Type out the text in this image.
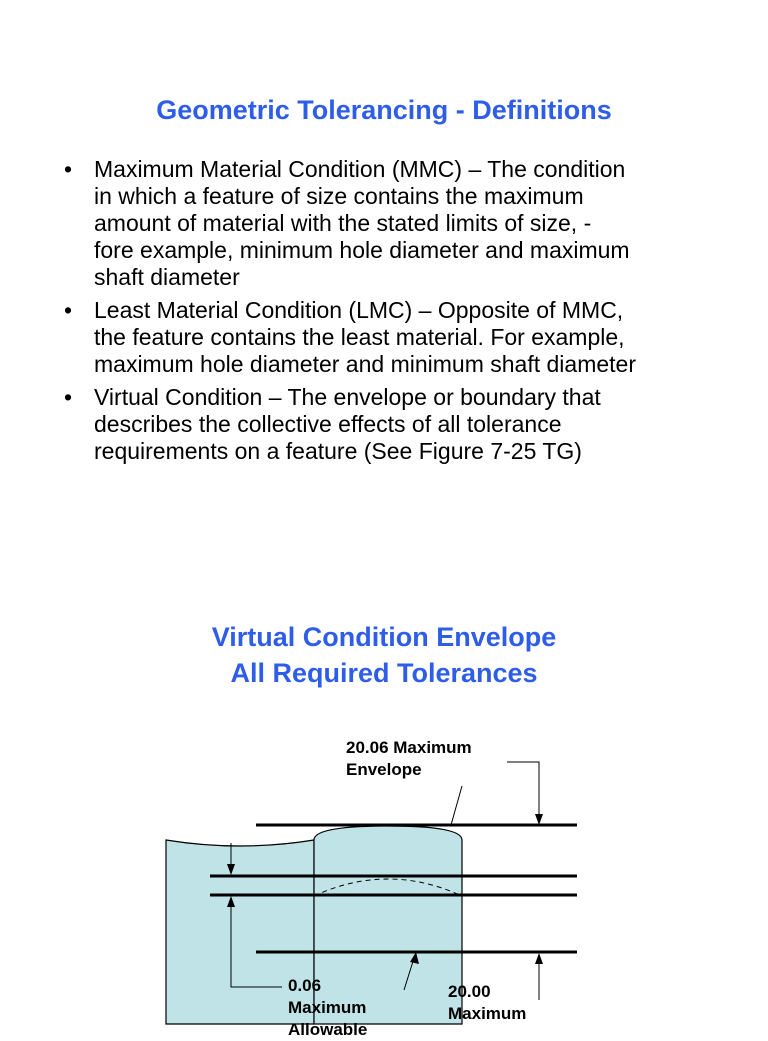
Geometric Tolerancing - Definitions
• Maximum Material Condition (MMC) – The condition
in which a feature of size contains the maximum
amount of material with the stated limits of size, -
fore example, minimum hole diameter and maximum
shaft diameter
• Least Material Condition (LMC) – Opposite of MMC,
the feature contains the least material. For example,
maximum hole diameter and minimum shaft diameter
• Virtual Condition – The envelope or boundary that
describes the collective effects of all tolerance
requirements on a feature (See Figure 7-25 TG)
Virtual Condition Envelope
All Required Tolerances
20.06 Maximum
Envelope
0.06
Maximum
Allowable
20.00
Maximum
